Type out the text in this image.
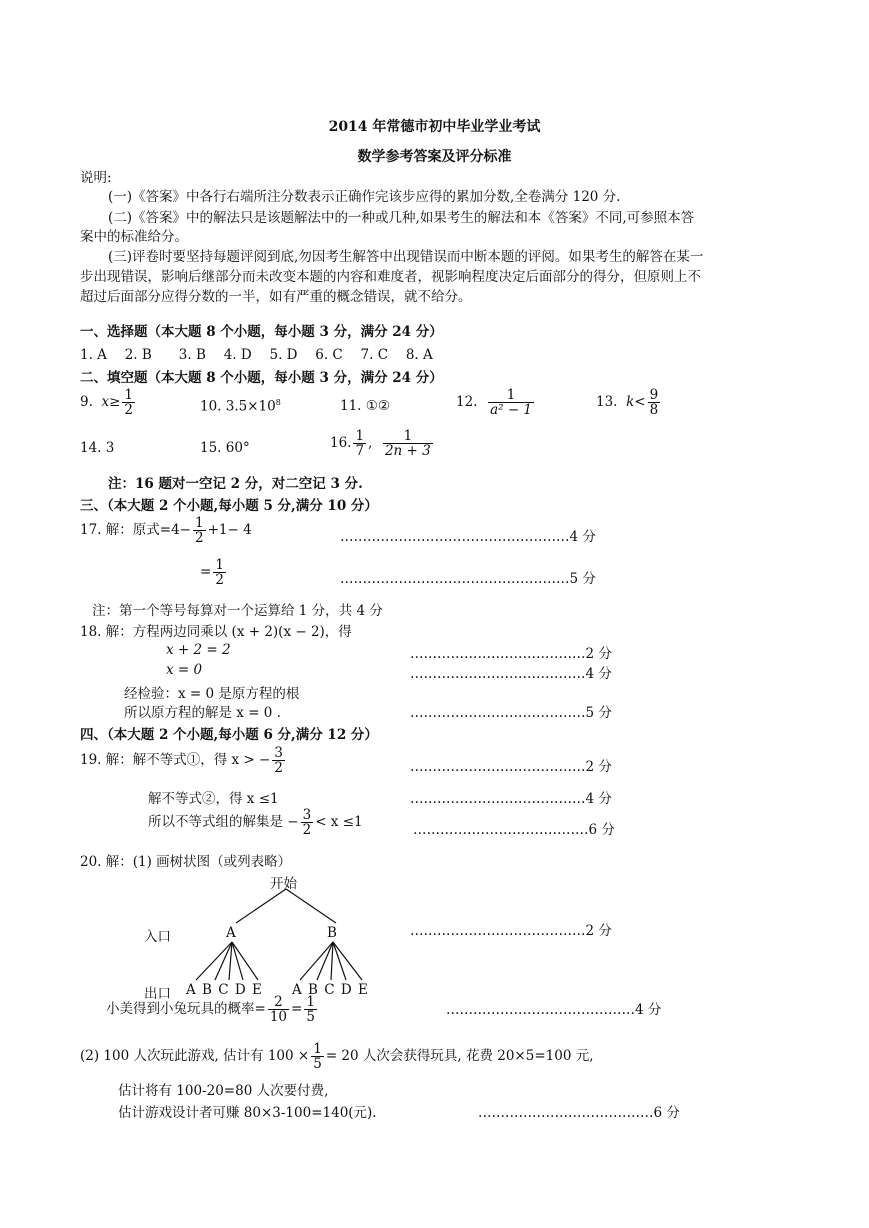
2014 年常德市初中毕业学业考试
数学参考答案及评分标准
说明:
(一)《答案》中各行右端所注分数表示正确作完该步应得的累加分数,全卷满分 120 分.
(二)《答案》中的解法只是该题解法中的一种或几种,如果考生的解法和本《答案》不同,可参照本答
案中的标准给分。
(三)评卷时要坚持每题评阅到底,勿因考生解答中出现错误而中断本题的评阅。如果考生的解答在某一
步出现错误，影响后继部分而未改变本题的内容和难度者，视影响程度决定后面部分的得分，但原则上不
超过后面部分应得分数的一半，如有严重的概念错误，就不给分。
一、选择题（本大题 8 个小题，每小题 3 分，满分 24 分）
1. A　 2. B　　3. B　 4. D　 5. D　 6. C　 7. C　 8. A
二、填空题（本大题 8 个小题，每小题 3 分，满分 24 分）
9. $x\ge \frac{1}{2}$	10. $3.5\times 10^8$	11. ①②	12. $\frac{1}{\text{a² − 1}}$	13. $k< \frac{9}{8}$
14. 3	15. 60°	16. $\frac{1}{7}$ , $\frac{1}{2n + 3}$
注：16 题对一空记 2 分，对二空记 3 分.
三、（本大题 2 个小题,每小题 5 分,满分 10 分）
17. 解：原式$=4- \frac{1}{2} +1- 4$	……………………………………………4 分
= $\frac{1}{2}$	……………………………………………5 分
注：第一个等号每算对一个运算给 1 分，共 4 分
18. 解：方程两边同乘以 (x + 2)(x − 2)，得
x + 2 = 2	…………………………………2 分
x = 0	…………………………………4 分
经检验：x = 0 是原方程的根
所以原方程的解是 x = 0 .	…………………………………5 分
四、（本大题 2 个小题,每小题 6 分,满分 12 分）
19. 解：解不等式①，得 x > − $\frac{3}{2}$	…………………………………2 分
解不等式②，得 x ≤1	…………………………………4 分
所以不等式组的解集是 − $\frac{3}{2} < x \le 1$	…………………………………6 分
20. 解：(1) 画树状图（或列表略）
开始
入口	A	B	…………………………………2 分
出口 A B C D E A B C D E
小美得到小兔玩具的概率= $\frac{2}{10} = \frac{1}{5}$	……………………………………4 分
(2) 100 人次玩此游戏, 估计有 $100 \times \frac{1}{5} = 20$ 人次会获得玩具, 花费 20×5=100 元,
估计将有 100-20=80 人次要付费,
估计游戏设计者可赚 80×3-100=140(元).	…………………………………6 分
